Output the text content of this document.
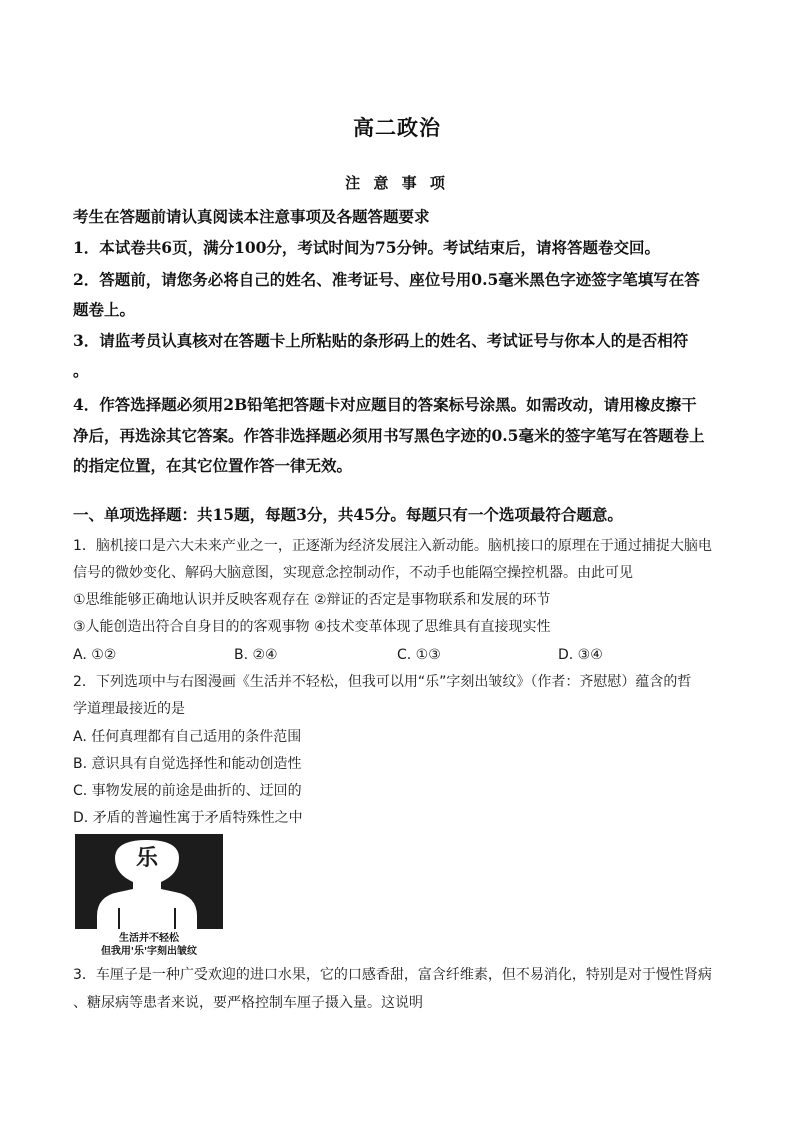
高二政治
注 意 事 项
考生在答题前请认真阅读本注意事项及各题答题要求
1．本试卷共6页，满分100分，考试时间为75分钟。考试结束后，请将答题卷交回。
2．答题前，请您务必将自己的姓名、准考证号、座位号用0.5毫米黑色字迹签字笔填写在答
题卷上。
3．请监考员认真核对在答题卡上所粘贴的条形码上的姓名、考试证号与你本人的是否相符
。
4．作答选择题必须用2B铅笔把答题卡对应题目的答案标号涂黑。如需改动，请用橡皮擦干
净后，再选涂其它答案。作答非选择题必须用书写黑色字迹的0.5毫米的签字笔写在答题卷上
的指定位置，在其它位置作答一律无效。
一、单项选择题：共15题，每题3分，共45分。每题只有一个选项最符合题意。
1．脑机接口是六大未来产业之一，正逐渐为经济发展注入新动能。脑机接口的原理在于通过捕捉大脑电
信号的微妙变化、解码大脑意图，实现意念控制动作，不动手也能隔空操控机器。由此可见
①思维能够正确地认识并反映客观存在 ②辩证的否定是事物联系和发展的环节
③人能创造出符合自身目的的客观事物 ④技术变革体现了思维具有直接现实性
A. ①②	B. ②④	C. ①③	D. ③④
2．下列选项中与右图漫画《生活并不轻松，但我可以用“乐”字刻出皱纹》（作者：齐慰慰）蕴含的哲
学道理最接近的是
A. 任何真理都有自己适用的条件范围
B. 意识具有自觉选择性和能动创造性
C. 事物发展的前途是曲折的、迂回的
D. 矛盾的普遍性寓于矛盾特殊性之中
乐
生活并不轻松
但我用'乐'字刻出皱纹
3．车厘子是一种广受欢迎的进口水果，它的口感香甜，富含纤维素，但不易消化，特别是对于慢性肾病
、糖尿病等患者来说，要严格控制车厘子摄入量。这说明
